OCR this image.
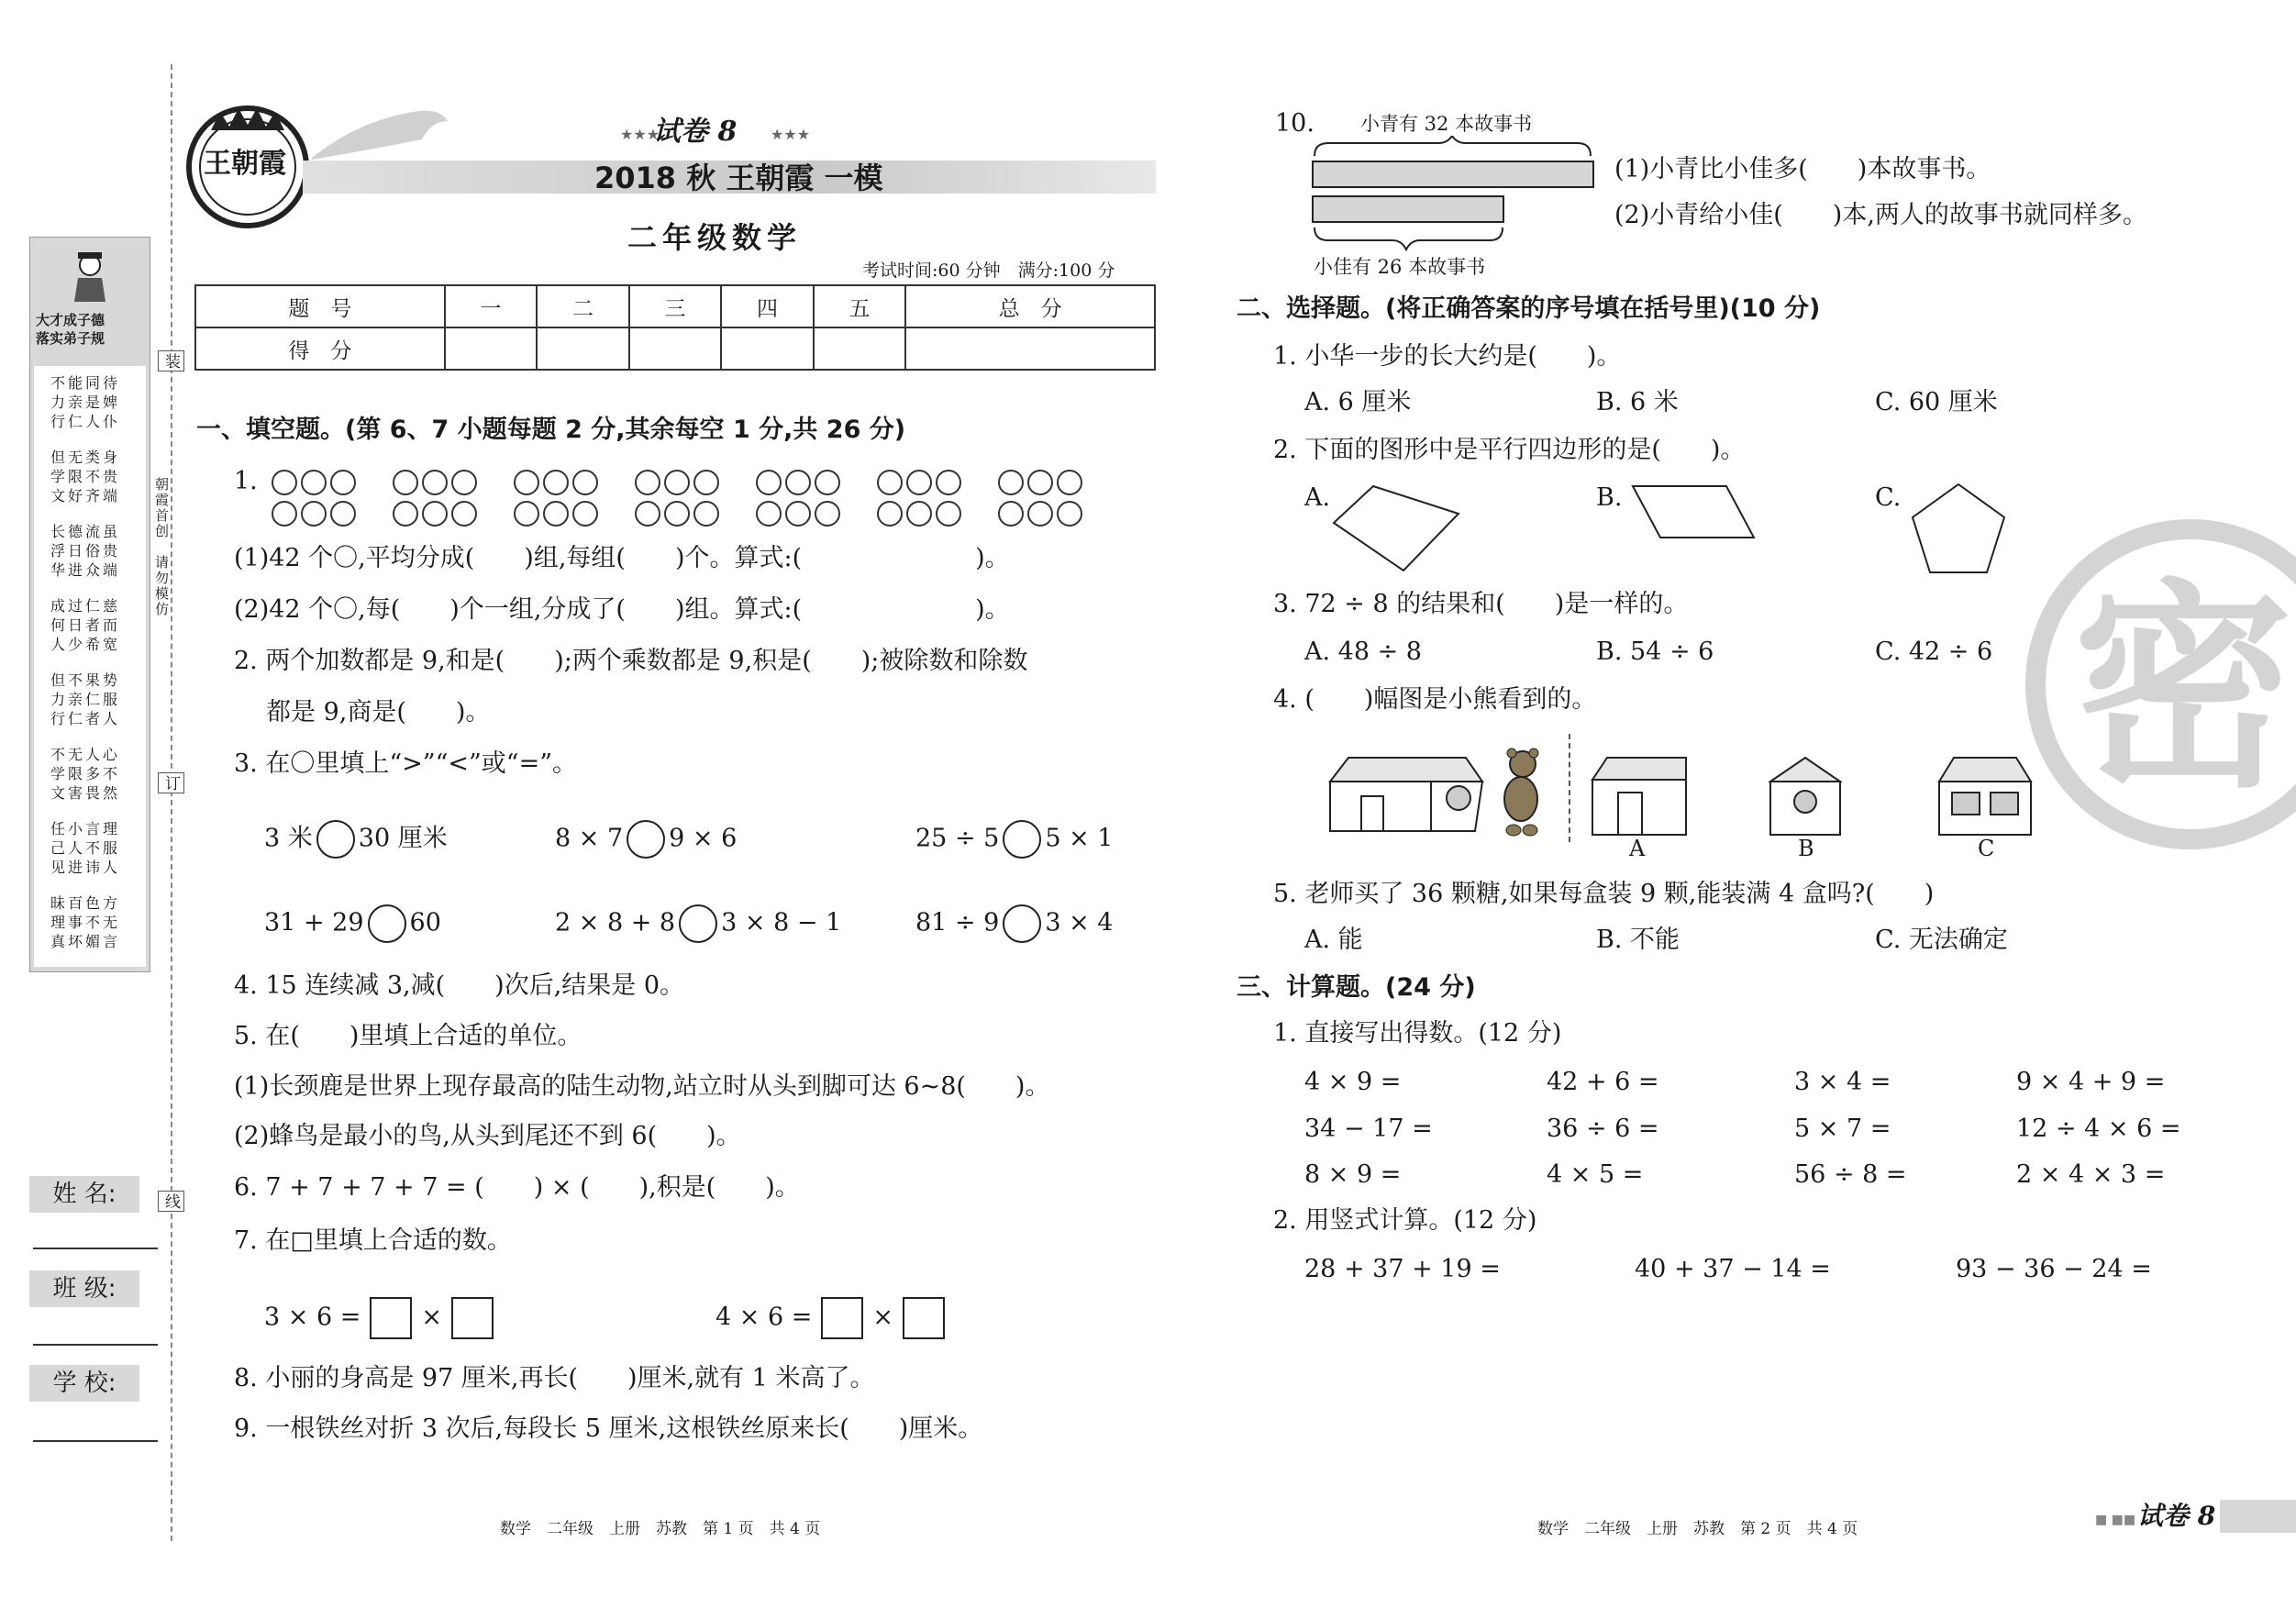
大才成子德
落实弟子规
不能同待
力亲是婢
行仁人仆
但无类身
学限不贵
文好齐端
长德流虽
浮日俗贵
华进众端
成过仁慈
何日者而
人少希宽
但不果势
力亲仁服
行仁者人
不无人心
学限多不
文害畏然
任小言理
己人不服
见进讳人
昧百色方
理事不无
真坏媚言
装
朝霞首创　请勿模仿
订
线
姓 名:
班 级:
学 校:
王朝霞
试卷 8
★★★	★★★
2018 秋 王朝霞 一模
二年级数学
考试时间:60 分钟　满分:100 分
题　号	一	二	三	四	五	总　分
得　分						
一、填空题。(第 6、7 小题每题 2 分,其余每空 1 分,共 26 分)
1.
(1)42 个〇,平均分成(　　)组,每组(　　)个。算式:(　　　　　　　)。
(2)42 个〇,每(　　)个一组,分成了(　　)组。算式:(　　　　　　　)。
2. 两个加数都是 9,和是(　　);两个乘数都是 9,积是(　　);被除数和除数
都是 9,商是(　　)。
3. 在〇里填上“>”“<”或“=”。
3 米 30 厘米	8 × 7 9 × 6	25 ÷ 5 5 × 1
31 + 29 60	2 × 8 + 8 3 × 8 − 1	81 ÷ 9 3 × 4
4. 15 连续减 3,减(　　)次后,结果是 0。
5. 在(　　)里填上合适的单位。
(1)长颈鹿是世界上现存最高的陆生动物,站立时从头到脚可达 6~8(　　)。
(2)蜂鸟是最小的鸟,从头到尾还不到 6(　　)。
6. 7 + 7 + 7 + 7 = (　　) × (　　),积是(　　)。
7. 在□里填上合适的数。
3 × 6 = ×	4 × 6 = ×
8. 小丽的身高是 97 厘米,再长(　　)厘米,就有 1 米高了。
9. 一根铁丝对折 3 次后,每段长 5 厘米,这根铁丝原来长(　　)厘米。
数学　二年级　上册　苏教　第 1 页　共 4 页
10. 小青有 32 本故事书
小佳有 26 本故事书
(1)小青比小佳多(　　)本故事书。
(2)小青给小佳(　　)本,两人的故事书就同样多。
二、选择题。(将正确答案的序号填在括号里)(10 分)
1. 小华一步的长大约是(　　)。
A. 6 厘米	B. 6 米	C. 60 厘米
2. 下面的图形中是平行四边形的是(　　)。
A.	B.	C.
3. 72 ÷ 8 的结果和(　　)是一样的。
A. 48 ÷ 8	B. 54 ÷ 6	C. 42 ÷ 6
4. (　　)幅图是小熊看到的。
A	B	C
5. 老师买了 36 颗糖,如果每盒装 9 颗,能装满 4 盒吗?(　　)
A. 能	B. 不能	C. 无法确定
三、计算题。(24 分)
1. 直接写出得数。(12 分)
4 × 9 =	42 + 6 =	3 × 4 =	9 × 4 + 9 =
34 − 17 =	36 ÷ 6 =	5 × 7 =	12 ÷ 4 × 6 =
8 × 9 =	4 × 5 =	56 ÷ 8 =	2 × 4 × 3 =
2. 用竖式计算。(12 分)
28 + 37 + 19 =	40 + 37 − 14 =	93 − 36 − 24 =
密
数学　二年级　上册　苏教　第 2 页　共 4 页	■ ■■ 试卷 8
